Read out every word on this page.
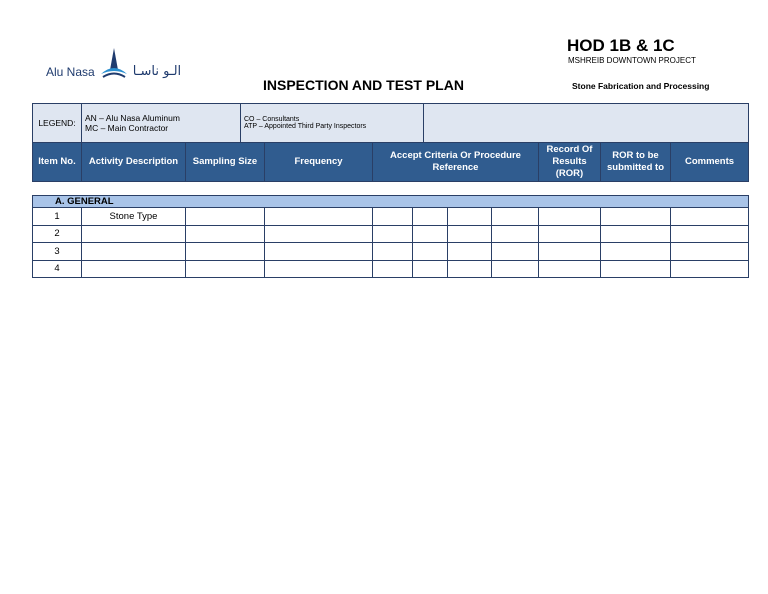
Alu Nasa	الـو ناسـا
INSPECTION AND TEST PLAN
HOD 1B & 1C
MSHREIB DOWNTOWN PROJECT
Stone Fabrication and Processing
LEGEND:	AN – Alu Nasa Aluminum
MC – Main Contractor

CO – Consultants
ATP – Appointed Third Party Inspectors

Item No.	Activity Description	Sampling Size	Frequency	Accept Criteria Or Procedure Reference	Record Of Results (ROR)	ROR to be submitted to	Comments
A. GENERAL										
1	Stone Type									
2										
3										
4										
